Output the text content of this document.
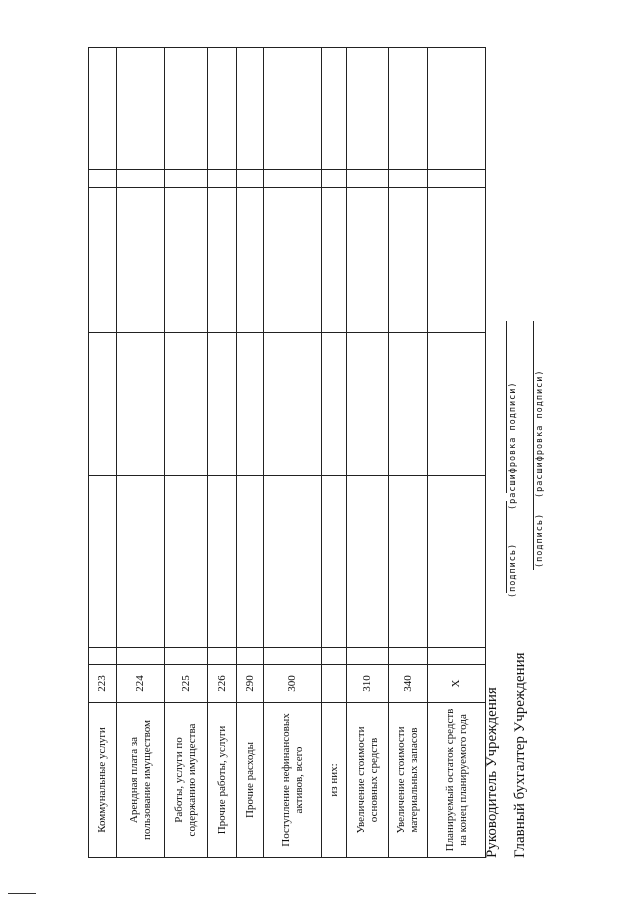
Коммунальные услуги	223						
Арендная плата за пользование имуществом	224						
Работы, услуги по содержанию имущества	225						
Прочие работы, услуги	226						
Прочие расходы	290						
Поступление нефинансовых активов, всего	300						
из них:							
Увеличение стоимости основных средств	310						
Увеличение стоимости материальных запасов	340						
Планируемый остаток средств на конец планируемого года	Х						
Руководитель Учреждения
(подпись)
(расшифровка подписи)
Главный бухгалтер Учреждения
(подпись)
(расшифровка подписи)
